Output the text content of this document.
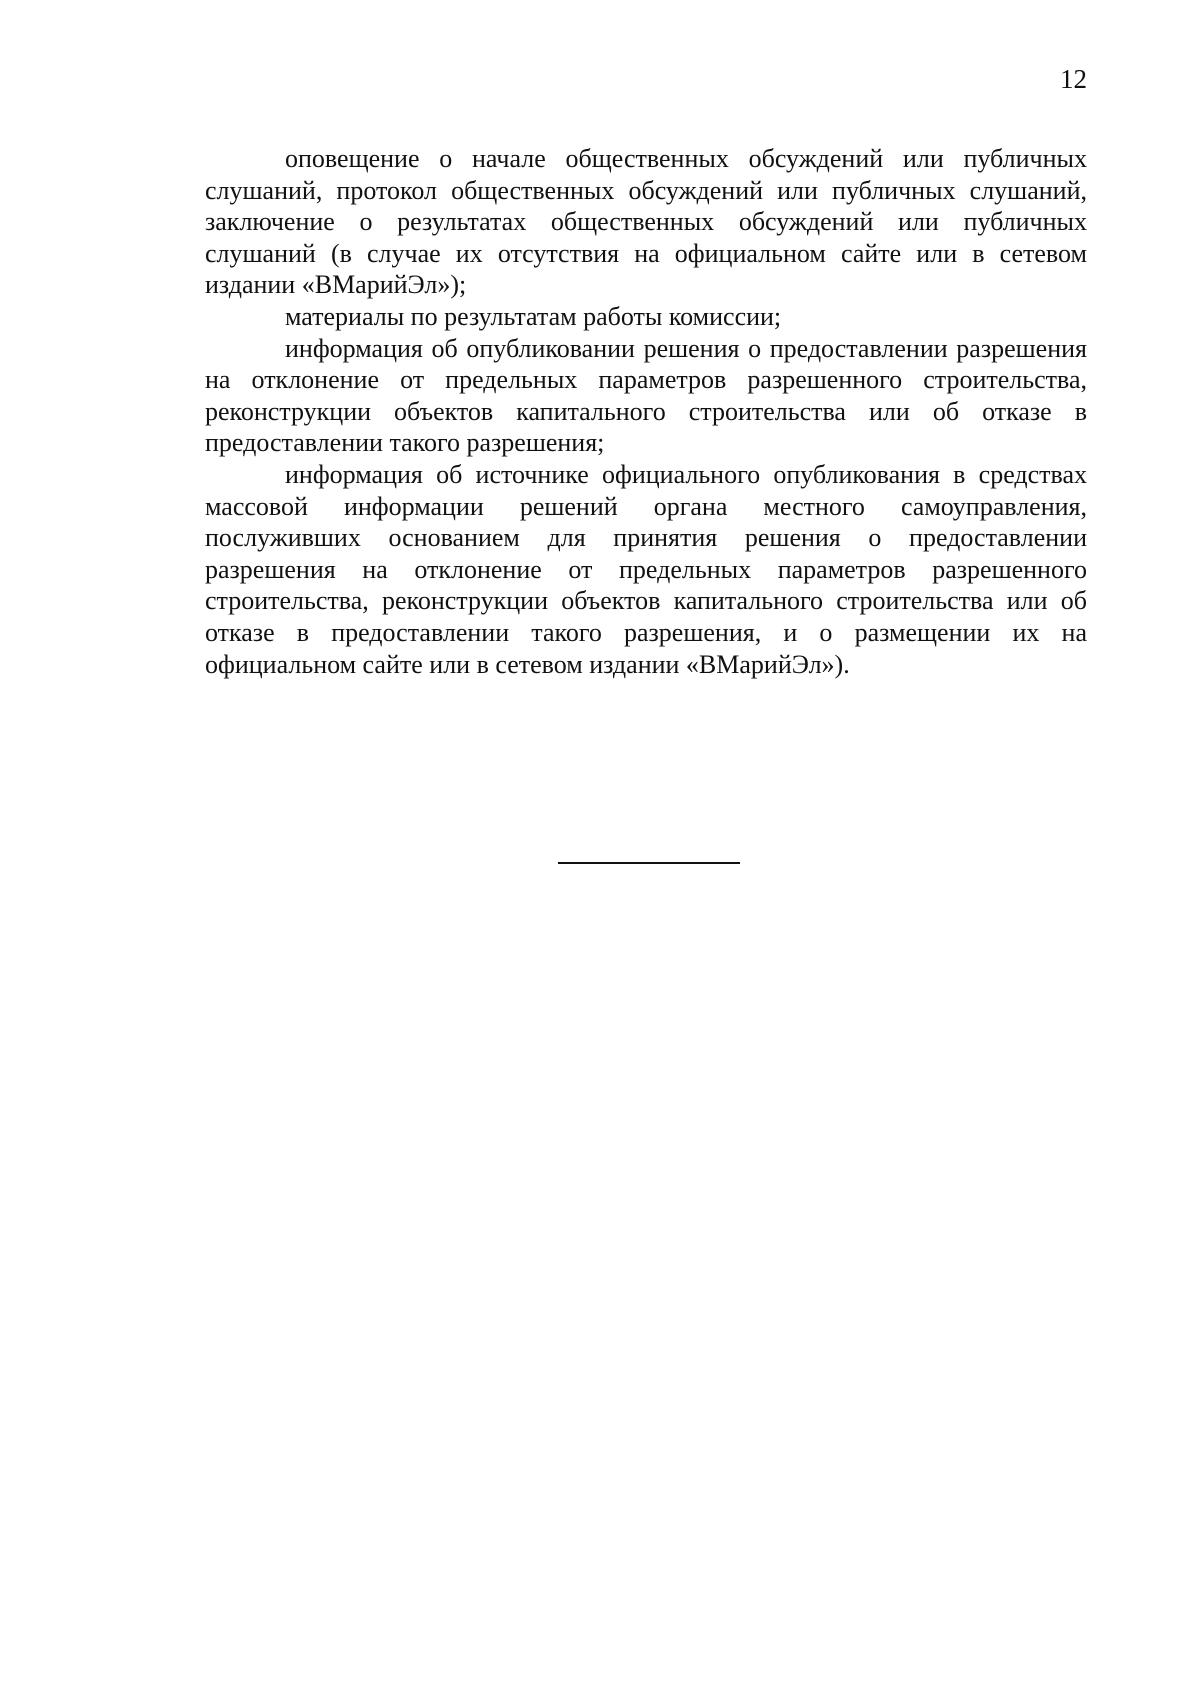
12

оповещение о начале общественных обсуждений или публичных слушаний, протокол общественных обсуждений или публичных слушаний, заключение о результатах общественных обсуждений или публичных слушаний (в случае их отсутствия на официальном сайте или в сетевом издании «ВМарийЭл»);

материалы по результатам работы комиссии;

информация об опубликовании решения о предоставлении разрешения на отклонение от предельных параметров разрешенного строительства, реконструкции объектов капитального строительства или об отказе в предоставлении такого разрешения;

информация об источнике официального опубликования в средствах массовой информации решений органа местного самоуправления, послуживших основанием для принятия решения о предоставлении разрешения на отклонение от предельных параметров разрешенного строительства, реконструкции объектов капитального строительства или об отказе в предоставлении такого разрешения, и о размещении их на официальном сайте или в сетевом издании «ВМарийЭл»).
